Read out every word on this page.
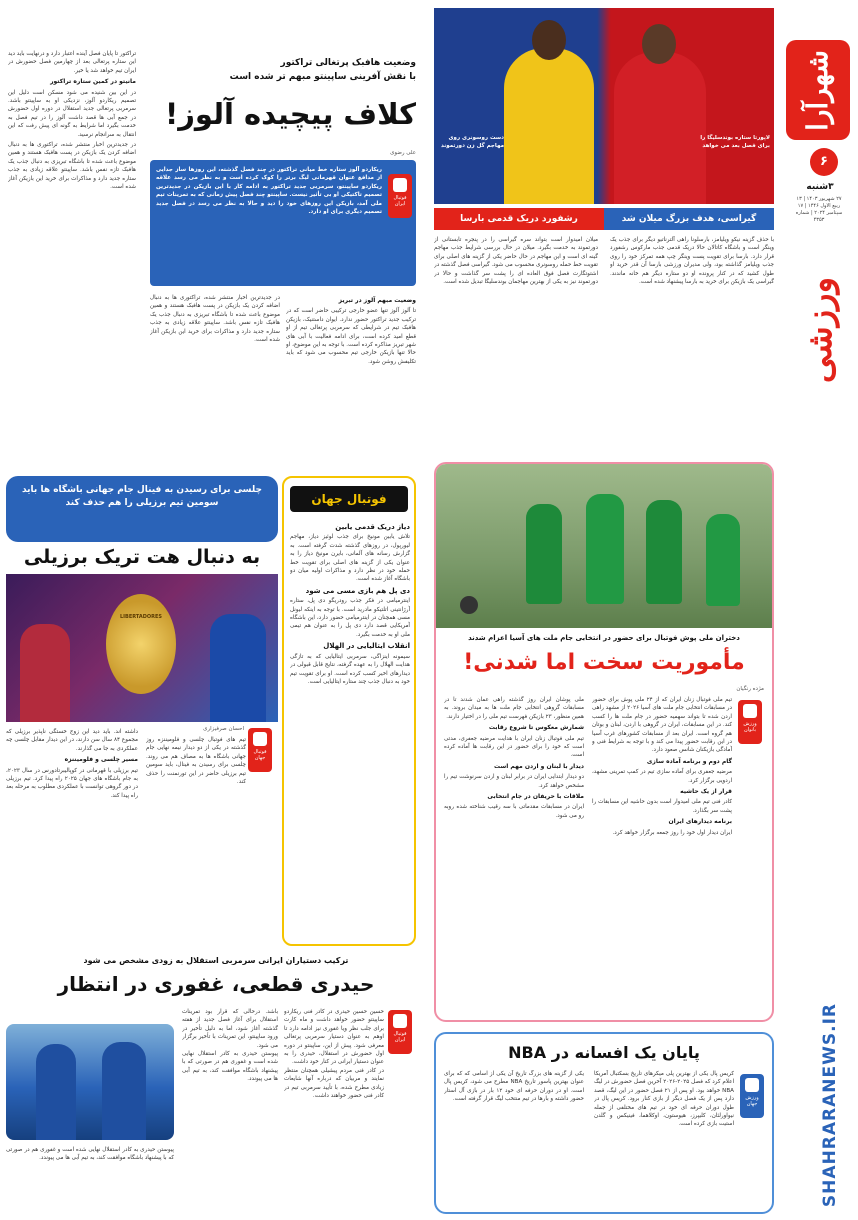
شهرآرا
۶
۳شنبه
۲۷ شهریور ۱۴۰۳ | ۱۳ ربیع الاول ۱۴۴۶ | ۱۷ سپتامبر ۲۰۲۴ | شماره ۴۳۵۳
ورزشی
SHAHRARANEWS.IR
لاپورتا ستاره بوندسلیگا را برای فصل بعد می خواهد
دست روسونری روی مهاجم گل زن دورتموند
گیراسی، هدف بزرگ میلان شد
رشفورد دریک قدمی بارسا
با حذف گزینه نیکو ویلیامز، بارسلونا راهی آلترناتیو دیگر برای جذب یک وینگر است و باشگاه کاتالان حالا دریک قدمی جذب مارکوس رشفورد قرار دارد. بارسا برای تقویت پست وینگر چپ همه تمرکز خود را روی جذب ویلیامز گذاشته بود، ولی مدیران ورزشی بارسا آن قدر خرید او طول کشید که در کنار پرونده او دو ستاره دیگر هم خانه ماندند. گیراسی یک بازیکن برای خرید به بارسا پیشنهاد شده است.
میلان امیدوار است بتواند سره گیراسی را در پنجره تابستانی از دورتموند به خدمت بگیرد. میلان در حال بررسی شرایط جذب مهاجم گینه ای است و این مهاجم در حال حاضر یکی از گزینه های اصلی برای تقویت خط حمله روسونری محسوب می شود. گیراسی فصل گذشته در اشتوتگارت فصل فوق العاده ای را پشت سر گذاشت و حالا در دورتموند نیز به یکی از بهترین مهاجمان بوندسلیگا تبدیل شده است.
وضعیت هافبک پرتغالی تراکتور
با نقش آفرینی ساپینتو مبهم تر شده است
کلاف پیچیده آلوز!
علی رضوی
ریکاردو آلوز ستاره خط میانی تراکتور در چند فصل گذشته، این روزها ساز جدایی از مدافع عنوان قهرمانی لیگ برتر را کوک کرده است و به نظر می رسد علاقه ریکاردو ساپینتو، سرمربی جدید تراکتور به ادامه کار با این بازیکن در جدیدترین تصمیم تاکتیکی او بی تأثیر نیست. ساپینتو چند فصل پیش زمانی که به تمرینات تیم ملی آمد، بازیکن این روزهای خود را دید و حالا به نظر می رسد در فصل جدید تصمیم دیگری برای او دارد.
فوتبال ایران
وضعیت مبهم آلوز در تبریز
تا آلوز آلوز تنها عضو خارجی ترکیبی حاضر است که در ترکیب جدید تراکتور حضور ندارد. ایوان داستنیک، بازیکن هافبک تیم در شرایطی که سرمربی پرتغالی تیم از او قطع امید کرده است، برای ادامه فعالیت با آبی های شهر تبریز مذاکره کرده است. با توجه به این موضوع، او حالا تنها بازیکن خارجی تیم محسوب می شود که باید تکلیفش روشن شود.
در جدیدترین اخبار منتشر شده، تراکتوری ها به دنبال اضافه کردن یک بازیکن در پست هافبک هستند و همین موضوع باعث شده تا باشگاه تبریزی به دنبال جذب یک هافبک تازه نفس باشد. ساپینتو علاقه زیادی به جذب ستاره جدید دارد و مذاکرات برای خرید این بازیکن آغاز شده است.
تراکتور تا پایان فصل آینده اعتبار دارد و درنهایت باید دید این ستاره پرتغالی بعد از چهارمین فصل حضورش در ایران تیم خواهد شد یا خیر.
مانیتو در کمین ستاره تراکتور
در این بین شنیده می شود مسکن است دلیل این تصمیم ریکاردو آلوز، نزدیکی او به ساپینتو باشد. سرمربی پرتغالی جدید استقلال در دوره اول حضورش در جمع آبی ها قصد داشت آلوز را در تیم فصل به خدمت بگیرد اما شرایط به گونه ای پیش رفت که این انتقال به سرانجام نرسید.
در جدیدترین اخبار منتشر شده، تراکتوری ها به دنبال اضافه کردن یک بازیکن در پست هافبک هستند و همین موضوع باعث شده تا باشگاه تبریزی به دنبال جذب یک هافبک تازه نفس باشد. ساپینتو علاقه زیادی به جذب ستاره جدید دارد و مذاکرات برای خرید این بازیکن آغاز شده است.
دختران ملی پوش فوتبال برای حضور در انتخابی جام ملت های آسیا اعزام شدند
مأموریت سخت اما شدنی!
مژده رنگیان
ورزش بانوان
تیم ملی فوتبال زنان ایران که از ۲۴ ملی پوش برای حضور در مسابقات انتخابی جام ملت های آسیا ۲۰۲۶ از مشهد راهی اردن شده تا بتواند سهمیه حضور در جام ملت ها را کسب کند. در این مسابقات، ایران در گروهی با اردن، لبنان و بوتان هم گروه است. ایران بعد از مسابقات کشورهای غرب آسیا در این رقابت حضور پیدا می کند و با توجه به شرایط فنی و آمادگی بازیکنان شانس صعود دارد.
گام دوم و برنامه آماده سازی
مرضیه جعفری برای آماده سازی تیم در کمپ تمرینی مشهد، اردویی برگزار کرد.
قرار از یک حاشیه
کادر فنی تیم ملی امیدوار است بدون حاشیه این مسابقات را پشت سر بگذارد.
برنامه دیدارهای ایران
ایران دیدار اول خود را روز جمعه برگزار خواهد کرد.
ملی پوشان ایران روز گذشته راهی عمان شدند تا در مسابقات گروهی انتخابی جام ملت ها به میدان بروند. به همین منظور، ۲۳ بازیکن فهرست تیم ملی را در اختیار دارند.
شمارش معکوس تا شروع رقابت
تیم ملی فوتبال زنان ایران با هدایت مرضیه جعفری، مدتی است که خود را برای حضور در این رقابت ها آماده کرده است.
دیدار با لبنان و اردن مهم است
دو دیدار ابتدایی ایران در برابر لبنان و اردن سرنوشت تیم را مشخص خواهد کرد.
ملاقات با حریفان در جام انتخابی
ایران در مسابقات مقدماتی با سه رقیب شناخته شده روبه رو می شود.
فوتبال جهان
دیاز دریک قدمی یابین
تلاش یابین مونیخ برای جذب لوئیز دیاز، مهاجم لیورپول، در روزهای گذشته شدت گرفته است. به گزارش رسانه های آلمانی، بایرن مونیخ دیاز را به عنوان یکی از گزینه های اصلی برای تقویت خط حمله خود در نظر دارد و مذاکرات اولیه میان دو باشگاه آغاز شده است.
دی پل هم بازی مسی می شود
اینترمیامی در فکر جذب رودریگو دی پل، ستاره آرژانتینی اتلتیکو مادرید است. با توجه به اینکه لیونل مسی همچنان در اینترمیامی حضور دارد، این باشگاه آمریکایی قصد دارد دی پل را به عنوان هم تیمی ملی او به خدمت بگیرد.
انقلاب ایتالیایی در الهلال
سیمونه اینزاگی، سرمربی ایتالیایی که به تازگی هدایت الهلال را به عهده گرفته، نتایج قابل قبولی در دیدارهای اخیر کسب کرده است. او برای تقویت تیم خود به دنبال جذب چند ستاره ایتالیایی است.
چلسی برای رسیدن به فینال جام جهانی باشگاه ها باید سومین تیم برزیلی را هم حذف کند
به دنبال هت تریک برزیلی
LIBERTADORES
فوتبال جهان
احسان صرفیزاری
تیم های فوتبال چلسی و فلومیننزه روز گذشته در یکی از دو دیدار نیمه نهایی جام جهانی باشگاه ها به مصاف هم می روند. چلسی برای رسیدن به فینال، باید سومین تیم برزیلی حاضر در این تورنمنت را حذف کند.
داشته اند. باید دید این زوج خستگی ناپذیر برزیلی که مجموع ۸۴ سال سن دارند، در این دیدار مقابل چلسی چه عملکردی به جا می گذارند.
مسیر چلسی و فلومیننزه
تیم برزیلی با قهرمانی در کوپالیبرتادورس در سال ۲۰۲۳، به جام باشگاه های جهان ۲۰۲۵ راه پیدا کرد. تیم برزیلی در دور گروهی توانست با عملکردی مطلوب به مرحله بعد راه پیدا کند.
ترکیب دستیاران ایرانی سرمربی استقلال به زودی مشخص می شود
حیدری قطعی، غفوری در انتظار
فوتبال ایران
حسین حسین حیدری در کادر فنی ریکاردو ساپینتو حضور خواهد داشت و ماه کارت برای جلب نظر ویا غفوری نیز ادامه دارد تا اوهم به عنوان دستیار سرمربی پرتغالی معرفی شود. پیش از این، ساپینتو در دوره اول حضورش در استقلال، حیدری را به عنوان دستیار ایرانی در کنار خود داشت.
در کادر فنی مردم پیشیلی همچنان منتظر نمایند و مربیان که درباره آنها شایعات زیادی مطرح شده، با تأیید سرمربی تیم در کادر فنی حضور خواهند داشت.
باشد. درحالی که قرار بود تمرینات استقلال برای آغاز فصل جدید از هفته گذشته آغاز شود، اما به دلیل تأخیر در ورود ساپینتو، این تمرینات با تأخیر برگزار می شود.
پیوستن حیدری به کادر استقلال نهایی شده است و غفوری هم در صورتی که با پیشنهاد باشگاه موافقت کند، به تیم آبی ها می پیوندد.
پیوستن حیدری به کادر استقلال نهایی شده است و غفوری هم در صورتی که با پیشنهاد باشگاه موافقت کند، به تیم آبی ها می پیوندد.
پایان یک افسانه در NBA
ورزش جهان
کریس پال یکی از بهترین پلی میکرهای تاریخ بسکتبال آمریکا اعلام کرد که فصل ۲۰۲۵-۲۰۲۶ آخرین فصل حضورش در لیگ NBA خواهد بود. او پس از ۲۱ فصل حضور در این لیگ، قصد دارد پس از یک فصل دیگر از بازی کنار برود. کریس پال در طول دوران حرفه ای خود در تیم های مختلفی از جمله نیواورلئان، کلیپرز، هیوستون، اوکلاهما، فینیکس و گلدن استیت بازی کرده است.
یکی از گزینه های بزرگ تاریخ آن یکی از اسامی که که برای عنوان بهترین پاسور تاریخ NBA مطرح می شود، کریس پال است. او در دوران حرفه ای خود ۱۲ بار در بازی آل استار حضور داشته و بارها در تیم منتخب لیگ قرار گرفته است.
